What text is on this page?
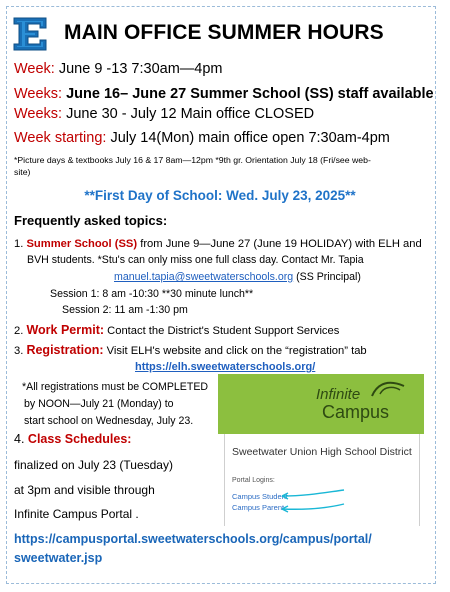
MAIN OFFICE SUMMER HOURS
Week: June 9 -13 7:30am—4pm
Weeks: June 16– June 27 Summer School (SS) staff available
Weeks: June 30 - July 12 Main office CLOSED
Week starting: July 14(Mon) main office open 7:30am-4pm
*Picture days & textbooks July 16 & 17 8am—12pm *9th gr. Orientation July 18 (Fri/see web-
site)
**First Day of School: Wed. July 23, 2025**
Frequently asked topics:
1. Summer School (SS) from June 9—June 27 (June 19 HOLIDAY) with ELH and
BVH students. *Stu's can only miss one full class day. Contact Mr. Tapia
manuel.tapia@sweetwaterschools.org (SS Principal)
Session 1: 8 am -10:30 **30 minute lunch**
Session 2: 11 am -1:30 pm
2. Work Permit: Contact the District's Student Support Services
3. Registration: Visit ELH's website and click on the “registration” tab
https://elh.sweetwaterschools.org/
*All registrations must be COMPLETED
by NOON—July 21 (Monday) to
start school on Wednesday, July 23.
4. Class Schedules:
finalized on July 23 (Tuesday)
at 3pm and visible through
Infinite Campus Portal .
https://campusportal.sweetwaterschools.org/campus/portal/
sweetwater.jsp
Infinite
Campus
Sweetwater Union High School District
Portal Logins:
Campus Student
Campus Parent
